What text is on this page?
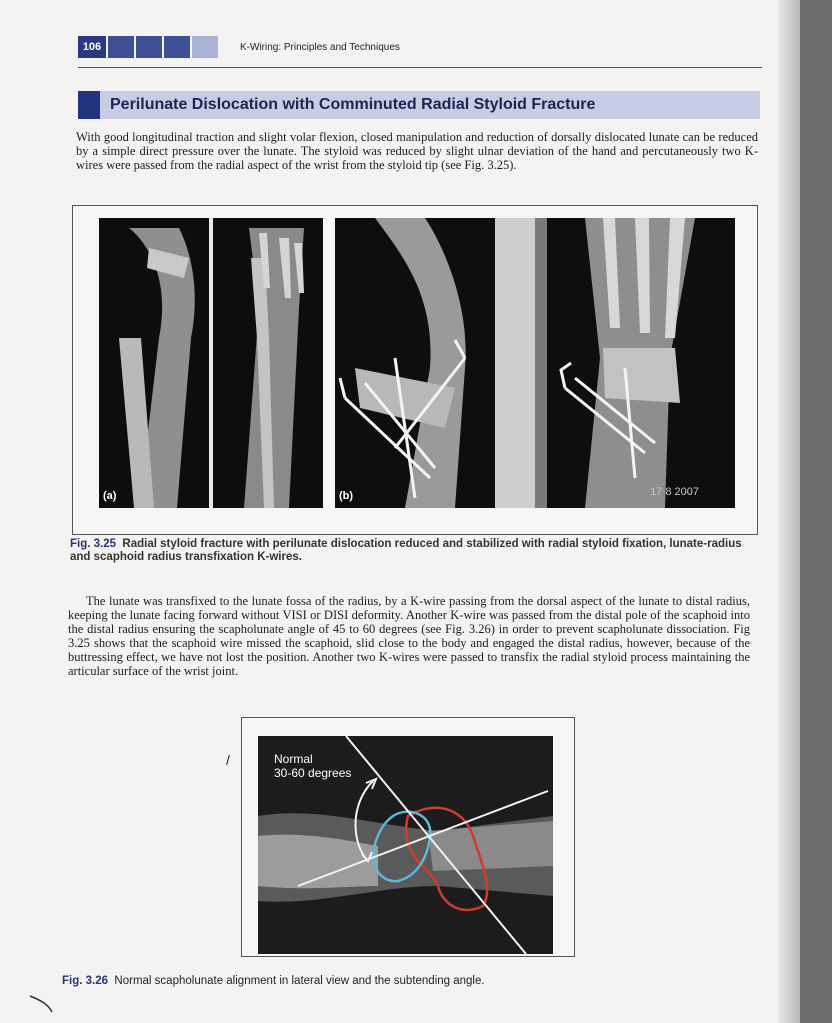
106	K-Wiring: Principles and Techniques
Perilunate Dislocation with Comminuted Radial Styloid Fracture
With good longitudinal traction and slight volar flexion, closed manipulation and reduction of dorsally dislocated lunate can be reduced by a simple direct pressure over the lunate. The styloid was reduced by slight ulnar deviation of the hand and percutaneously two K-wires were passed from the radial aspect of the wrist from the styloid tip (see Fig. 3.25).
(a)	(b)	17 8 2007
Fig. 3.25 Radial styloid fracture with perilunate dislocation reduced and stabilized with radial styloid fixation, lunate-radius and scaphoid radius transfixation K-wires.
The lunate was transfixed to the lunate fossa of the radius, by a K-wire passing from the dorsal aspect of the lunate to distal radius, keeping the lunate facing forward without VISI or DISI deformity. Another K-wire was passed from the distal pole of the scaphoid into the distal radius ensuring the scapholunate angle of 45 to 60 degrees (see Fig. 3.26) in order to prevent scapholunate dissociation. Fig 3.25 shows that the scaphoid wire missed the scaphoid, slid close to the body and engaged the distal radius, however, because of the buttressing effect, we have not lost the position. Another two K-wires were passed to transfix the radial styloid process maintaining the articular surface of the wrist joint.
/	Normal
30-60 degrees
Fig. 3.26 Normal scapholunate alignment in lateral view and the subtending angle.
